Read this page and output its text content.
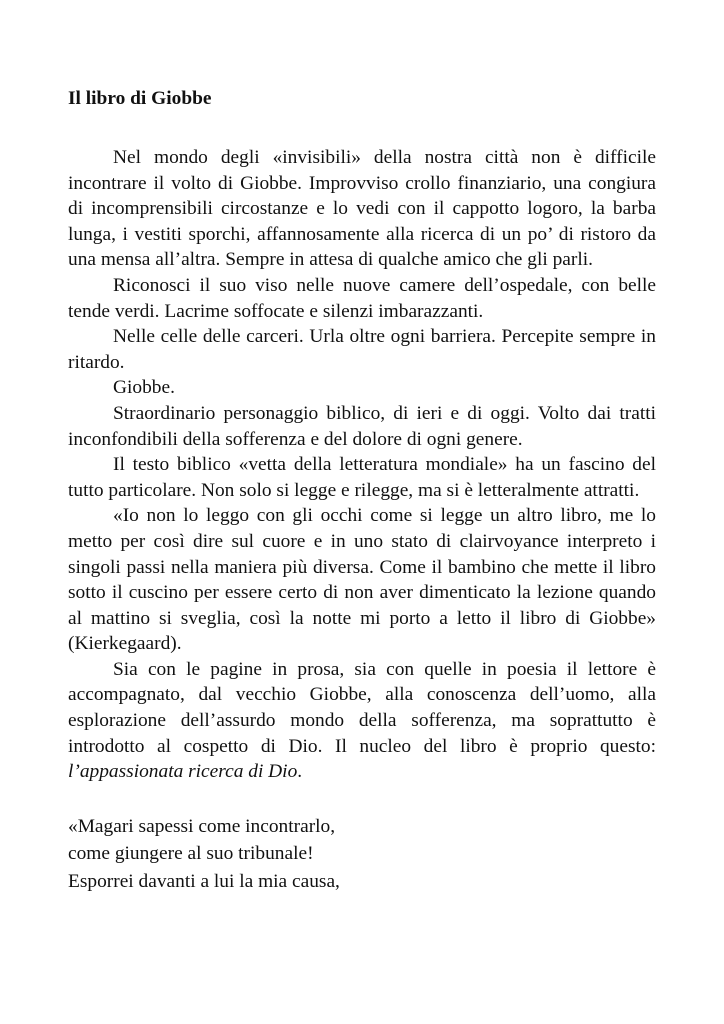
Il libro di Giobbe

Nel mondo degli «invisibili» della nostra città non è difficile incontrare il volto di Giobbe. Improvviso crollo finanziario, una congiura di incomprensibili circostanze e lo vedi con il cappotto logoro, la barba lunga, i vestiti sporchi, affannosamente alla ricerca di un po’ di ristoro da una mensa all’altra. Sempre in attesa di qualche amico che gli parli.

Riconosci il suo viso nelle nuove camere dell’ospedale, con belle tende verdi. Lacrime soffocate e silenzi imbarazzanti.

Nelle celle delle carceri. Urla oltre ogni barriera. Percepite sempre in ritardo.

Giobbe.

Straordinario personaggio biblico, di ieri e di oggi. Volto dai tratti inconfondibili della sofferenza e del dolore di ogni genere.

Il testo biblico «vetta della letteratura mondiale» ha un fascino del tutto particolare. Non solo si legge e rilegge, ma si è letteralmente attratti.

«Io non lo leggo con gli occhi come si legge un altro libro, me lo metto per così dire sul cuore e in uno stato di clairvoyance interpreto i singoli passi nella maniera più diversa. Come il bambino che mette il libro sotto il cuscino per essere certo di non aver dimenticato la lezione quando al mattino si sveglia, così la notte mi porto a letto il libro di Giobbe» (Kierkegaard).

Sia con le pagine in prosa, sia con quelle in poesia il lettore è accompagnato, dal vecchio Giobbe, alla conoscenza dell’uomo, alla esplorazione dell’assurdo mondo della sofferenza, ma soprattutto è introdotto al cospetto di Dio. Il nucleo del libro è proprio questo: l’appassionata ricerca di Dio.

«Magari sapessi come incontrarlo,
come giungere al suo tribunale!
Esporrei davanti a lui la mia causa,
